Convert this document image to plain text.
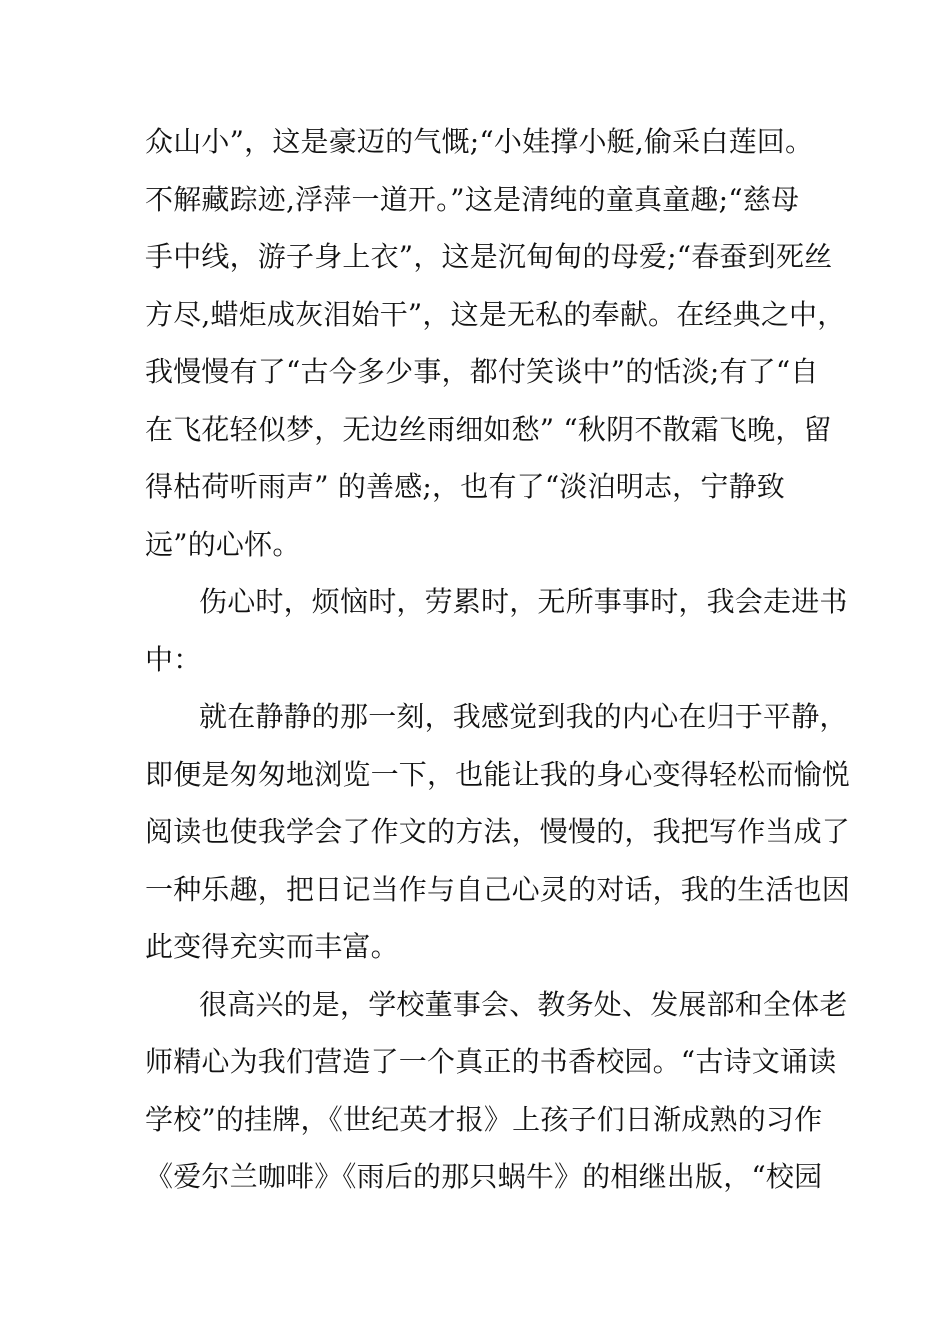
众山小”，这是豪迈的气慨;“小娃撑小艇,偷采白莲回。
不解藏踪迹,浮萍一道开。”这是清纯的童真童趣;“慈母
手中线，游子身上衣”，这是沉甸甸的母爱;“春蚕到死丝
方尽,蜡炬成灰泪始干”，这是无私的奉献。在经典之中，
我慢慢有了“古今多少事，都付笑谈中”的恬淡;有了“自
在飞花轻似梦，无边丝雨细如愁” “秋阴不散霜飞晚，留
得枯荷听雨声” 的善感;，也有了“淡泊明志，宁静致
远”的心怀。
伤心时，烦恼时，劳累时，无所事事时，我会走进书
中：
就在静静的那一刻，我感觉到我的内心在归于平静，
即便是匆匆地浏览一下，也能让我的身心变得轻松而愉悦
阅读也使我学会了作文的方法，慢慢的，我把写作当成了
一种乐趣，把日记当作与自己心灵的对话，我的生活也因
此变得充实而丰富。
很高兴的是，学校董事会、教务处、发展部和全体老
师精心为我们营造了一个真正的书香校园。“古诗文诵读
学校”的挂牌，《世纪英才报》上孩子们日渐成熟的习作
《爱尔兰咖啡》《雨后的那只蜗牛》的相继出版，“校园
